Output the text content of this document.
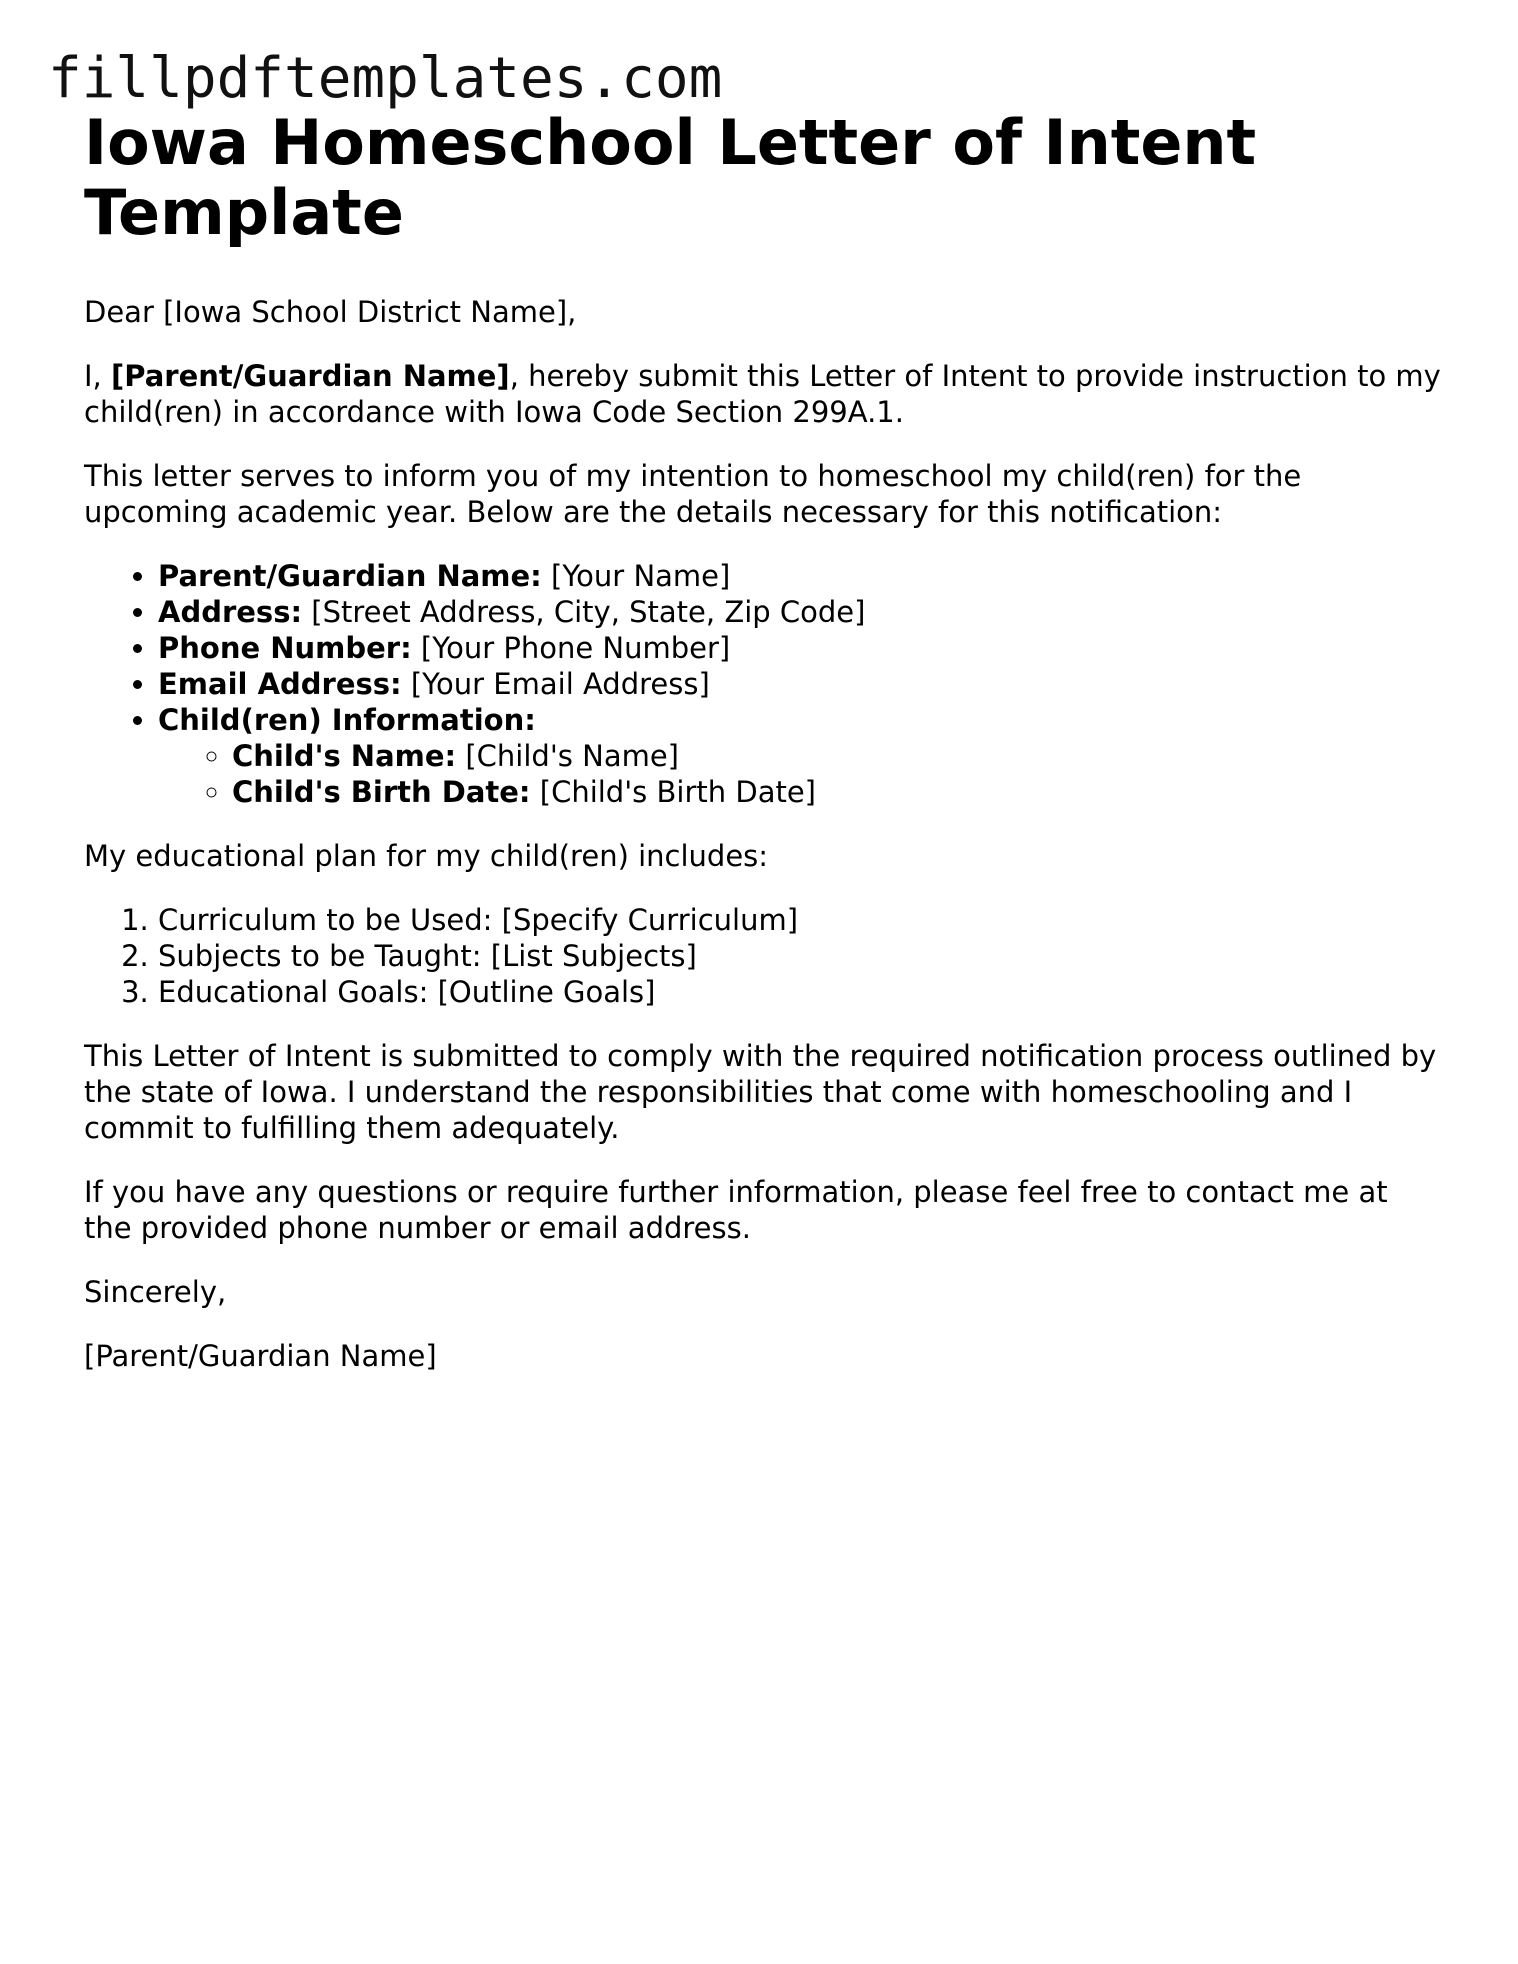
fillpdftemplates.com
Iowa Homeschool Letter of Intent Template

Dear [Iowa School District Name],

I, [Parent/Guardian Name], hereby submit this Letter of Intent to provide instruction to my child(ren) in accordance with Iowa Code Section 299A.1.

This letter serves to inform you of my intention to homeschool my child(ren) for the upcoming academic year. Below are the details necessary for this notification:

• Parent/Guardian Name: [Your Name]
• Address: [Street Address, City, State, Zip Code]
• Phone Number: [Your Phone Number]
• Email Address: [Your Email Address]
• Child(ren) Information:
◦ Child's Name: [Child's Name]
◦ Child's Birth Date: [Child's Birth Date]

My educational plan for my child(ren) includes:

1. Curriculum to be Used: [Specify Curriculum]
2. Subjects to be Taught: [List Subjects]
3. Educational Goals: [Outline Goals]

This Letter of Intent is submitted to comply with the required notification process outlined by the state of Iowa. I understand the responsibilities that come with homeschooling and I commit to fulfilling them adequately.

If you have any questions or require further information, please feel free to contact me at the provided phone number or email address.

Sincerely,

[Parent/Guardian Name]
